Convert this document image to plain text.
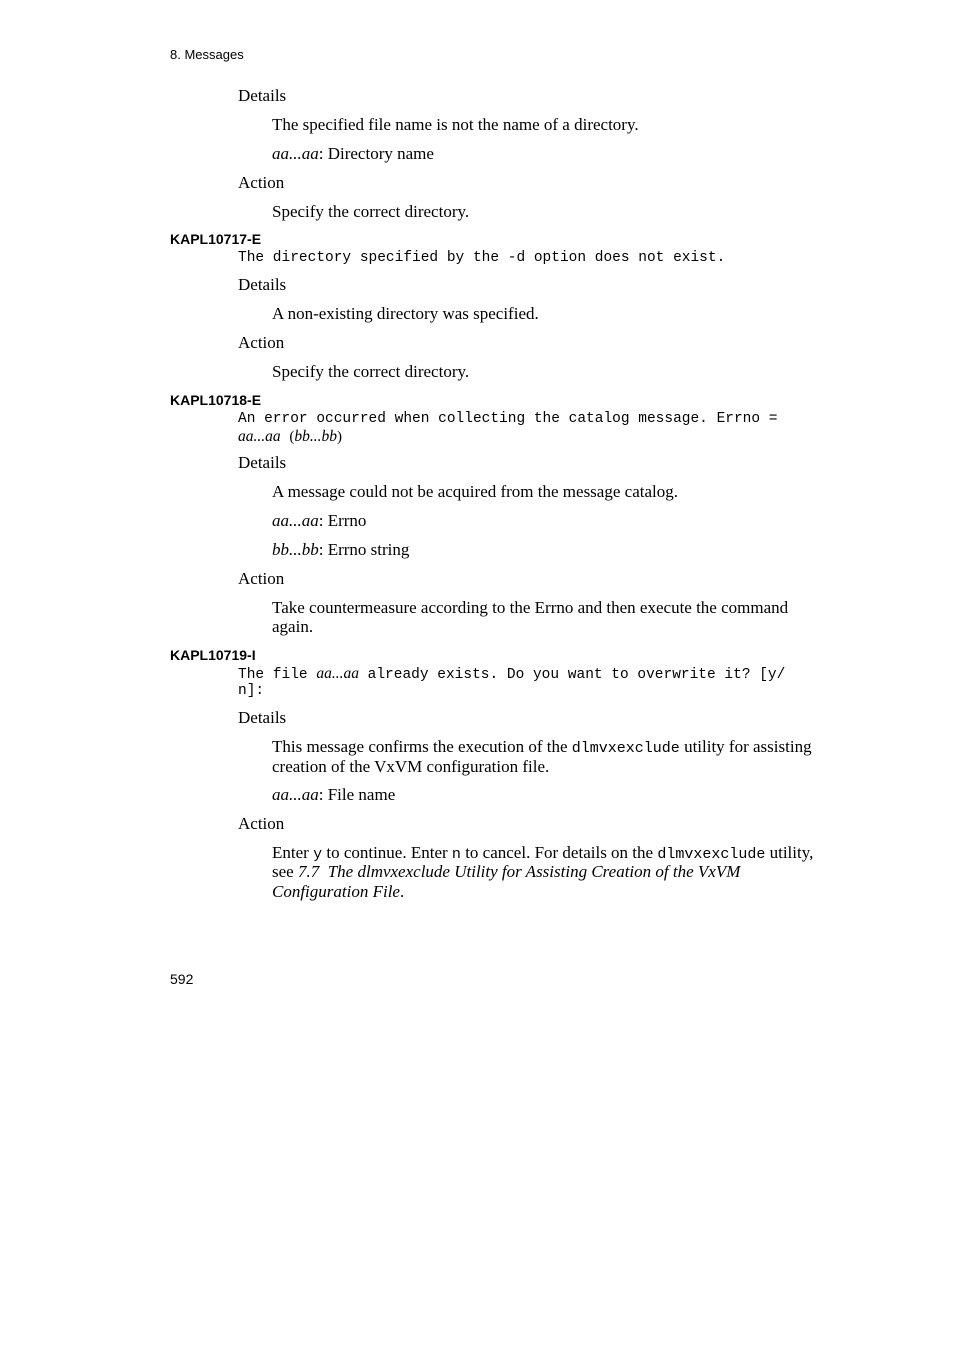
8. Messages
Details
The specified file name is not the name of a directory.
aa...aa: Directory name
Action
Specify the correct directory.
KAPL10717-E
The directory specified by the -d option does not exist.
Details
A non-existing directory was specified.
Action
Specify the correct directory.
KAPL10718-E
An error occurred when collecting the catalog message. Errno =
aa...aa (bb...bb)
Details
A message could not be acquired from the message catalog.
aa...aa: Errno
bb...bb: Errno string
Action
Take countermeasure according to the Errno and then execute the command
again.
KAPL10719-I
The file aa...aa already exists. Do you want to overwrite it? [y/
n]:
Details
This message confirms the execution of the dlmvxexclude utility for assisting
creation of the VxVM configuration file.
aa...aa: File name
Action
Enter y to continue. Enter n to cancel. For details on the dlmvxexclude utility,
see 7.7  The dlmvxexclude Utility for Assisting Creation of the VxVM
Configuration File.
592
